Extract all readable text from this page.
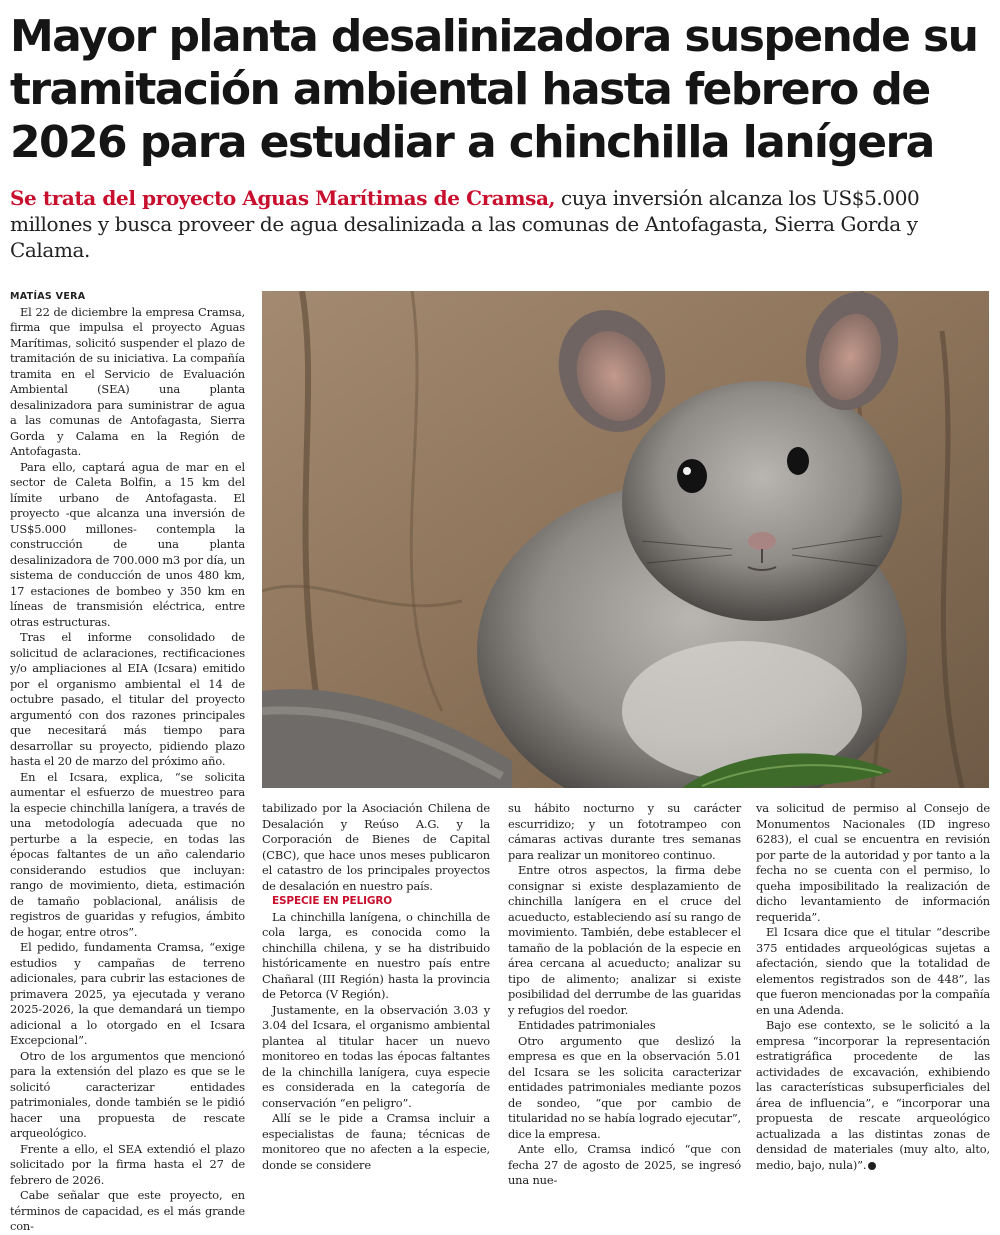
Mayor planta desalinizadora suspende su tramitación ambiental hasta febrero de 2026 para estudiar a chinchilla lanígera

Se trata del proyecto Aguas Marítimas de Cramsa, cuya inversión alcanza los US$5.000 millones y busca proveer de agua desalinizada a las comunas de Antofagasta, Sierra Gorda y Calama.

MATÍAS VERA

El 22 de diciembre la empresa Cramsa, firma que impulsa el proyecto Aguas Marítimas, solicitó suspender el plazo de tramitación de su iniciativa. La compañía tramita en el Servicio de Evaluación Ambiental (SEA) una planta desalinizadora para suministrar de agua a las comunas de Antofagasta, Sierra Gorda y Calama en la Región de Antofagasta.

Para ello, captará agua de mar en el sector de Caleta Bolfin, a 15 km del límite urbano de Antofagasta. El proyecto -que alcanza una inversión de US$5.000 millones- contempla la construcción de una planta desalinizadora de 700.000 m3 por día, un sistema de conducción de unos 480 km, 17 estaciones de bombeo y 350 km en líneas de transmisión eléctrica, entre otras estructuras.

Tras el informe consolidado de solicitud de aclaraciones, rectificaciones y/o ampliaciones al EIA (Icsara) emitido por el organismo ambiental el 14 de octubre pasado, el titular del proyecto argumentó con dos razones principales que necesitará más tiempo para desarrollar su proyecto, pidiendo plazo hasta el 20 de marzo del próximo año.

En el Icsara, explica, “se solicita aumentar el esfuerzo de muestreo para la especie chinchilla lanígera, a través de una metodología adecuada que no perturbe a la especie, en todas las épocas faltantes de un año calendario considerando estudios que incluyan: rango de movimiento, dieta, estimación de tamaño poblacional, análisis de registros de guaridas y refugios, ámbito de hogar, entre otros”.

El pedido, fundamenta Cramsa, “exige estudios y campañas de terreno adicionales, para cubrir las estaciones de primavera 2025, ya ejecutada y verano 2025-2026, la que demandará un tiempo adicional a lo otorgado en el Icsara Excepcional”.

Otro de los argumentos que mencionó para la extensión del plazo es que se le solicitó caracterizar entidades patrimoniales, donde también se le pidió hacer una propuesta de rescate arqueológico.

Frente a ello, el SEA extendió el plazo solicitado por la firma hasta el 27 de febrero de 2026.

Cabe señalar que este proyecto, en términos de capacidad, es el más grande con-

tabilizado por la Asociación Chilena de Desalación y Reúso A.G. y la Corporación de Bienes de Capital (CBC), que hace unos meses publicaron el catastro de los principales proyectos de desalación en nuestro país.

ESPECIE EN PELIGRO

La chinchilla lanígena, o chinchilla de cola larga, es conocida como la chinchilla chilena, y se ha distribuido históricamente en nuestro país entre Chañaral (III Región) hasta la provincia de Petorca (V Región).

Justamente, en la observación 3.03 y 3.04 del Icsara, el organismo ambiental plantea al titular hacer un nuevo monitoreo en todas las épocas faltantes de la chinchilla lanígera, cuya especie es considerada en la categoría de conservación “en peligro”.

Allí se le pide a Cramsa incluir a especialistas de fauna; técnicas de monitoreo que no afecten a la especie, donde se considere

su hábito nocturno y su carácter escurridizo; y un fototrampeo con cámaras activas durante tres semanas para realizar un monitoreo continuo.

Entre otros aspectos, la firma debe consignar si existe desplazamiento de chinchilla lanígera en el cruce del acueducto, estableciendo así su rango de movimiento. También, debe establecer el tamaño de la población de la especie en área cercana al acueducto; analizar su tipo de alimento; analizar si existe posibilidad del derrumbe de las guaridas y refugios del roedor.

Entidades patrimoniales

Otro argumento que deslizó la empresa es que en la observación 5.01 del Icsara se les solicita caracterizar entidades patrimoniales mediante pozos de sondeo, “que por cambio de titularidad no se había logrado ejecutar”, dice la empresa.

Ante ello, Cramsa indicó “que con fecha 27 de agosto de 2025, se ingresó una nue-

va solicitud de permiso al Consejo de Monumentos Nacionales (ID ingreso 6283), el cual se encuentra en revisión por parte de la autoridad y por tanto a la fecha no se cuenta con el permiso, lo queha imposibilitado la realización de dicho levantamiento de información requerida”.

El Icsara dice que el titular “describe 375 entidades arqueológicas sujetas a afectación, siendo que la totalidad de elementos registrados son de 448”, las que fueron mencionadas por la compañía en una Adenda.

Bajo ese contexto, se le solicitó a la empresa “incorporar la representación estratigráfica procedente de las actividades de excavación, exhibiendo las características subsuperficiales del área de influencia”, e “incorporar una propuesta de rescate arqueológico actualizada a las distintas zonas de densidad de materiales (muy alto, alto, medio, bajo, nula)”.
